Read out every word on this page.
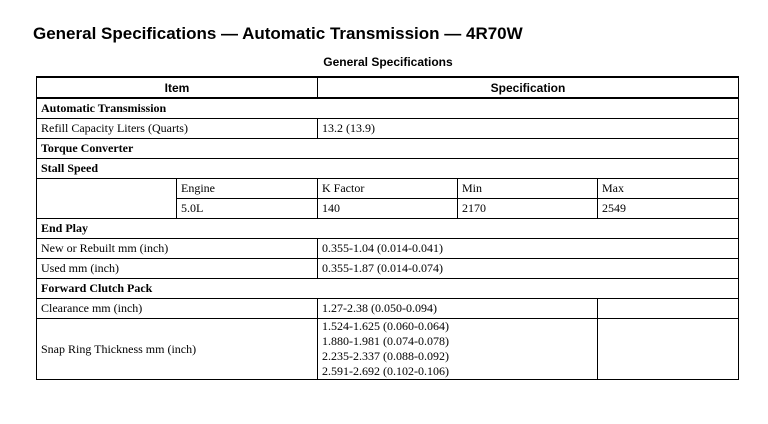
General Specifications — Automatic Transmission — 4R70W
General Specifications
Item		Specification		
Automatic Transmission				
Refill Capacity Liters (Quarts)		13.2 (13.9)		
Torque Converter				
Stall Speed				
	Engine	K Factor	Min	Max
	5.0L	140	2170	2549
End Play				
New or Rebuilt mm (inch)		0.355-1.04 (0.014-0.041)		
Used mm (inch)		0.355-1.87 (0.014-0.074)		
Forward Clutch Pack				
Clearance mm (inch)		1.27-2.38 (0.050-0.094)		
Snap Ring Thickness mm (inch)		1.524-1.625 (0.060-0.064)
1.880-1.981 (0.074-0.078)
2.235-2.337 (0.088-0.092)
2.591-2.692 (0.102-0.106)		
